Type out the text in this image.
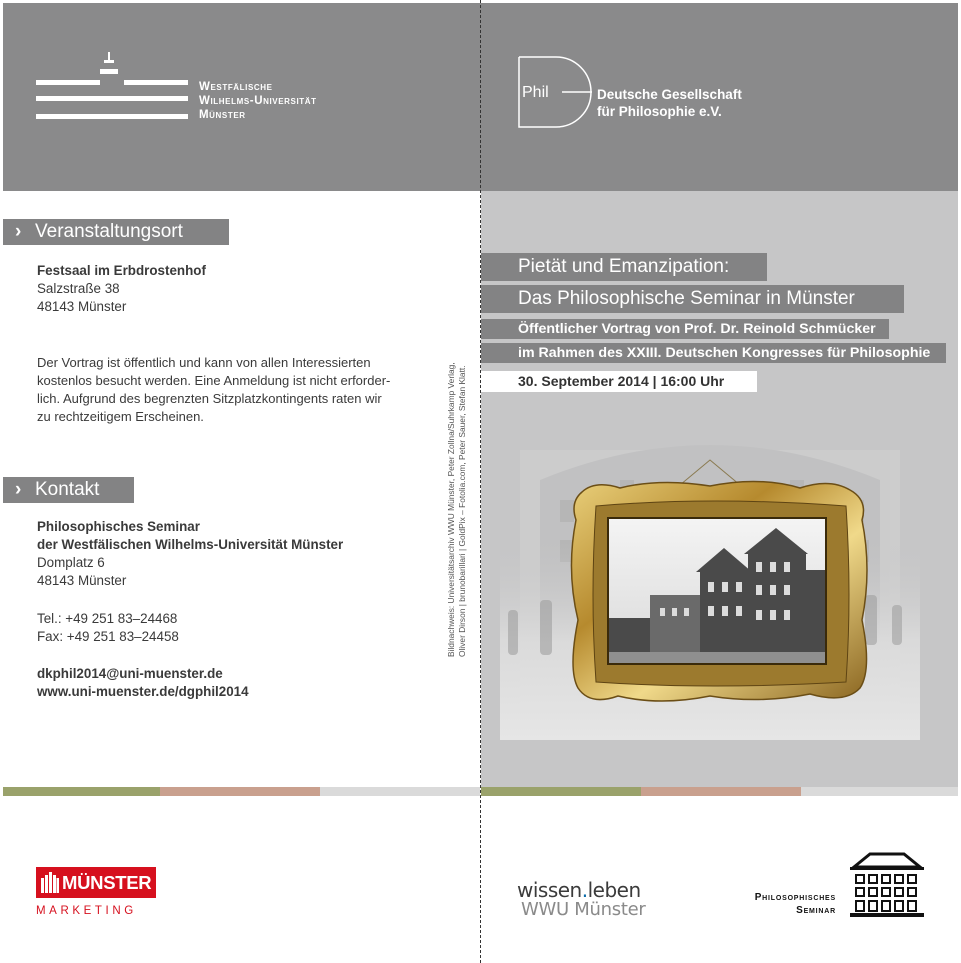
Westfälische
Wilhelms-Universität
Münster
Phil	Deutsche Gesellschaft
für Philosophie e.V.
› Veranstaltungsort
Festsaal im Erbdrostenhof
Salzstraße 38
48143 Münster
Der Vortrag ist öffentlich und kann von allen Interessierten
kostenlos besucht werden. Eine Anmeldung ist nicht erforder-
lich. Aufgrund des begrenzten Sitzplatzkontingents raten wir
zu rechtzeitigem Erscheinen.
› Kontakt
Philosophisches Seminar
der Westfälischen Wilhelms-Universität Münster
Domplatz 6
48143 Münster
Tel.: +49 251 83–24468
Fax: +49 251 83–24458
dkphil2014@uni-muenster.de
www.uni-muenster.de/dgphil2014
Bildnachweis: Universitätsarchiv WWU Münster, Peter Zollna/Suhrkamp Verlag, Oliver Dirson | brunobarillari | GoldPix – Fotolia.com, Peter Sauer, Stefan Klatt.
Pietät und Emanzipation:
Das Philosophische Seminar in Münster
Öffentlicher Vortrag von Prof. Dr. Reinold Schmücker
im Rahmen des XXIII. Deutschen Kongresses für Philosophie
30. September 2014 | 16:00 Uhr
MÜNSTER
MARKETING
wissen.leben
WWU Münster
Philosophisches
Seminar
